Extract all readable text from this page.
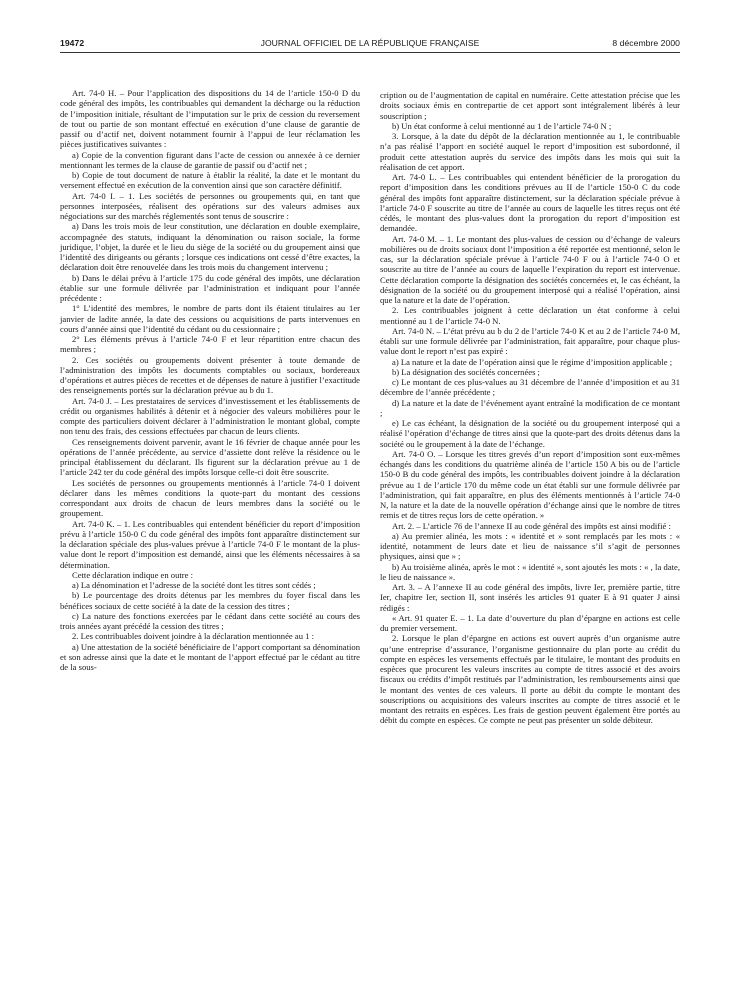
19472	JOURNAL OFFICIEL DE LA RÉPUBLIQUE FRANÇAISE	8 décembre 2000

Art. 74-0 H. – Pour l’application des dispositions du 14 de l’article 150-0 D du code général des impôts, les contribuables qui demandent la décharge ou la réduction de l’imposition initiale, résultant de l’imputation sur le prix de cession du reversement de tout ou partie de son montant effectué en exécution d’une clause de garantie de passif ou d’actif net, doivent notamment fournir à l’appui de leur réclamation les pièces justificatives suivantes :

a) Copie de la convention figurant dans l’acte de cession ou annexée à ce dernier mentionnant les termes de la clause de garantie de passif ou d’actif net ;

b) Copie de tout document de nature à établir la réalité, la date et le montant du versement effectué en exécution de la convention ainsi que son caractère définitif.

Art. 74-0 I. – 1. Les sociétés de personnes ou groupements qui, en tant que personnes interposées, réalisent des opérations sur des valeurs admises aux négociations sur des marchés réglementés sont tenus de souscrire :

a) Dans les trois mois de leur constitution, une déclaration en double exemplaire, accompagnée des statuts, indiquant la dénomination ou raison sociale, la forme juridique, l’objet, la durée et le lieu du siège de la société ou du groupement ainsi que l’identité des dirigeants ou gérants ; lorsque ces indications ont cessé d’être exactes, la déclaration doit être renouvelée dans les trois mois du changement intervenu ;

b) Dans le délai prévu à l’article 175 du code général des impôts, une déclaration établie sur une formule délivrée par l’administration et indiquant pour l’année précédente :

1° L’identité des membres, le nombre de parts dont ils étaient titulaires au 1er janvier de ladite année, la date des cessions ou acquisitions de parts intervenues en cours d’année ainsi que l’identité du cédant ou du cessionnaire ;

2° Les éléments prévus à l’article 74-0 F et leur répartition entre chacun des membres ;

2. Ces sociétés ou groupements doivent présenter à toute demande de l’administration des impôts les documents comptables ou sociaux, bordereaux d’opérations et autres pièces de recettes et de dépenses de nature à justifier l’exactitude des renseignements portés sur la déclaration prévue au b du 1.

Art. 74-0 J. – Les prestataires de services d’investissement et les établissements de crédit ou organismes habilités à détenir et à négocier des valeurs mobilières pour le compte des particuliers doivent déclarer à l’administration le montant global, compte non tenu des frais, des cessions effectuées par chacun de leurs clients.

Ces renseignements doivent parvenir, avant le 16 février de chaque année pour les opérations de l’année précédente, au service d’assiette dont relève la résidence ou le principal établissement du déclarant. Ils figurent sur la déclaration prévue au 1 de l’article 242 ter du code général des impôts lorsque celle-ci doit être souscrite.

Les sociétés de personnes ou groupements mentionnés à l’article 74-0 I doivent déclarer dans les mêmes conditions la quote-part du montant des cessions correspondant aux droits de chacun de leurs membres dans la société ou le groupement.

Art. 74-0 K. – 1. Les contribuables qui entendent bénéficier du report d’imposition prévu à l’article 150-0 C du code général des impôts font apparaître distinctement sur la déclaration spéciale des plus-values prévue à l’article 74-0 F le montant de la plus-value dont le report d’imposition est demandé, ainsi que les éléments nécessaires à sa détermination.

Cette déclaration indique en outre :

a) La dénomination et l’adresse de la société dont les titres sont cédés ;

b) Le pourcentage des droits détenus par les membres du foyer fiscal dans les bénéfices sociaux de cette société à la date de la cession des titres ;

c) La nature des fonctions exercées par le cédant dans cette société au cours des trois années ayant précédé la cession des titres ;

2. Les contribuables doivent joindre à la déclaration mentionnée au 1 :

a) Une attestation de la société bénéficiaire de l’apport comportant sa dénomination et son adresse ainsi que la date et le montant de l’apport effectué par le cédant au titre de la sous-

cription ou de l’augmentation de capital en numéraire. Cette attestation précise que les droits sociaux émis en contrepartie de cet apport sont intégralement libérés à leur souscription ;

b) Un état conforme à celui mentionné au 1 de l’article 74-0 N ;

3. Lorsque, à la date du dépôt de la déclaration mentionnée au 1, le contribuable n’a pas réalisé l’apport en société auquel le report d’imposition est subordonné, il produit cette attestation auprès du service des impôts dans les mois qui suit la réalisation de cet apport.

Art. 74-0 L. – Les contribuables qui entendent bénéficier de la prorogation du report d’imposition dans les conditions prévues au II de l’article 150-0 C du code général des impôts font apparaître distinctement, sur la déclaration spéciale prévue à l’article 74-0 F souscrite au titre de l’année au cours de laquelle les titres reçus ont été cédés, le montant des plus-values dont la prorogation du report d’imposition est demandée.

Art. 74-0 M. – 1. Le montant des plus-values de cession ou d’échange de valeurs mobilières ou de droits sociaux dont l’imposition a été reportée est mentionné, selon le cas, sur la déclaration spéciale prévue à l’article 74-0 F ou à l’article 74-0 O et souscrite au titre de l’année au cours de laquelle l’expiration du report est intervenue. Cette déclaration comporte la désignation des sociétés concernées et, le cas échéant, la désignation de la société ou du groupement interposé qui a réalisé l’opération, ainsi que la nature et la date de l’opération.

2. Les contribuables joignent à cette déclaration un état conforme à celui mentionné au 1 de l’article 74-0 N.

Art. 74-0 N. – L’état prévu au b du 2 de l’article 74-0 K et au 2 de l’article 74-0 M, établi sur une formule délivrée par l’administration, fait apparaître, pour chaque plus-value dont le report n’est pas expiré :

a) La nature et la date de l’opération ainsi que le régime d’imposition applicable ;

b) La désignation des sociétés concernées ;

c) Le montant de ces plus-values au 31 décembre de l’année d’imposition et au 31 décembre de l’année précédente ;

d) La nature et la date de l’événement ayant entraîné la modification de ce montant ;

e) Le cas échéant, la désignation de la société ou du groupement interposé qui a réalisé l’opération d’échange de titres ainsi que la quote-part des droits détenus dans la société ou le groupement à la date de l’échange.

Art. 74-0 O. – Lorsque les titres grevés d’un report d’imposition sont eux-mêmes échangés dans les conditions du quatrième alinéa de l’article 150 A bis ou de l’article 150-0 B du code général des impôts, les contribuables doivent joindre à la déclaration prévue au 1 de l’article 170 du même code un état établi sur une formule délivrée par l’administration, qui fait apparaître, en plus des éléments mentionnés à l’article 74-0 N, la nature et la date de la nouvelle opération d’échange ainsi que le nombre de titres remis et de titres reçus lors de cette opération. »

Art. 2. – L’article 76 de l’annexe II au code général des impôts est ainsi modifié :

a) Au premier alinéa, les mots : « identité et » sont remplacés par les mots : « identité, notamment de leurs date et lieu de naissance s’il s’agit de personnes physiques, ainsi que » ;

b) Au troisième alinéa, après le mot : « identité », sont ajoutés les mots : « , la date, le lieu de naissance ».

Art. 3. – A l’annexe II au code général des impôts, livre Ier, première partie, titre Ier, chapitre Ier, section II, sont insérés les articles 91 quater E à 91 quater J ainsi rédigés :

« Art. 91 quater E. – 1. La date d’ouverture du plan d’épargne en actions est celle du premier versement.

2. Lorsque le plan d’épargne en actions est ouvert auprès d’un organisme autre qu’une entreprise d’assurance, l’organisme gestionnaire du plan porte au crédit du compte en espèces les versements effectués par le titulaire, le montant des produits en espèces que procurent les valeurs inscrites au compte de titres associé et des avoirs fiscaux ou crédits d’impôt restitués par l’administration, les remboursements ainsi que le montant des ventes de ces valeurs. Il porte au débit du compte le montant des souscriptions ou acquisitions des valeurs inscrites au compte de titres associé et le montant des retraits en espèces. Les frais de gestion peuvent également être portés au débit du compte en espèces. Ce compte ne peut pas présenter un solde débiteur.
